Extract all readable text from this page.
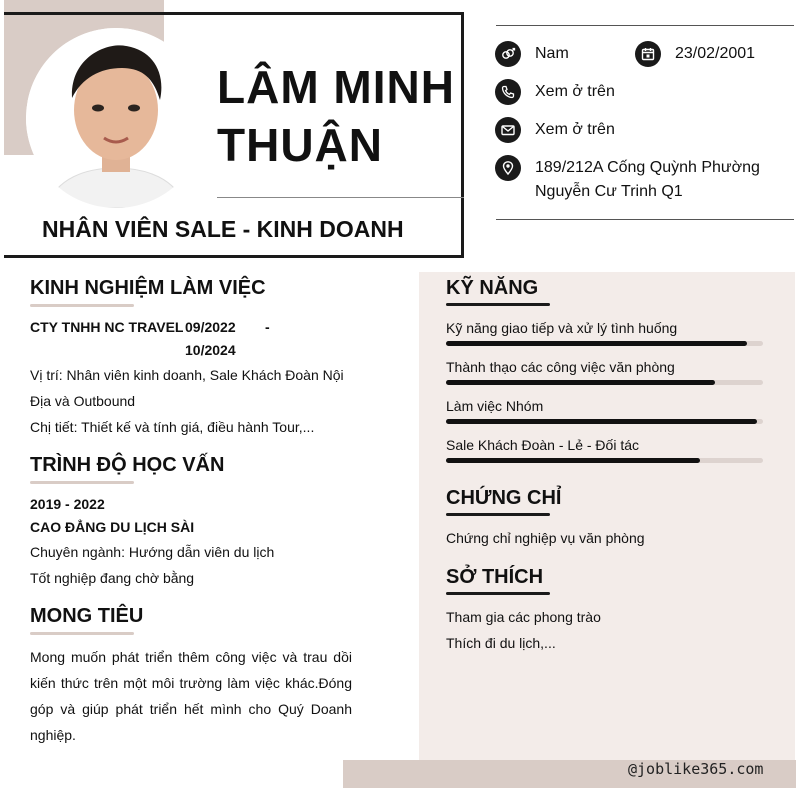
LÂM MINH
THUẬN
NHÂN VIÊN SALE - KINH DOANH
Nam	23/02/2001
Xem ở trên
Xem ở trên
189/212A Cống Quỳnh Phường
Nguyễn Cư Trinh Q1
KINH NGHIỆM LÀM VIỆC
CTY TNHH NC TRAVEL 09/2022 -
10/2024
Vị trí: Nhân viên kinh doanh, Sale Khách Đoàn Nội
Địa và Outbound
Chị tiết: Thiết kế và tính giá, điều hành Tour,...
TRÌNH ĐỘ HỌC VẤN
2019 - 2022
CAO ĐẲNG DU LỊCH SÀI
Chuyên ngành: Hướng dẫn viên du lịch
Tốt nghiệp đang chờ bằng
MONG TIÊU
Mong muốn phát triển thêm công việc và trau dồi kiến thức trên một môi trường làm việc khác.Đóng góp và giúp phát triển hết mình cho Quý Doanh nghiệp.
KỸ NĂNG
Kỹ năng giao tiếp và xử lý tình huống
Thành thạo các công việc văn phòng
Làm việc Nhóm
Sale Khách Đoàn - Lẻ - Đối tác
CHỨNG CHỈ
Chứng chỉ nghiệp vụ văn phòng
SỞ THÍCH
Tham gia các phong trào
Thích đi du lịch,...
@joblike365.com
